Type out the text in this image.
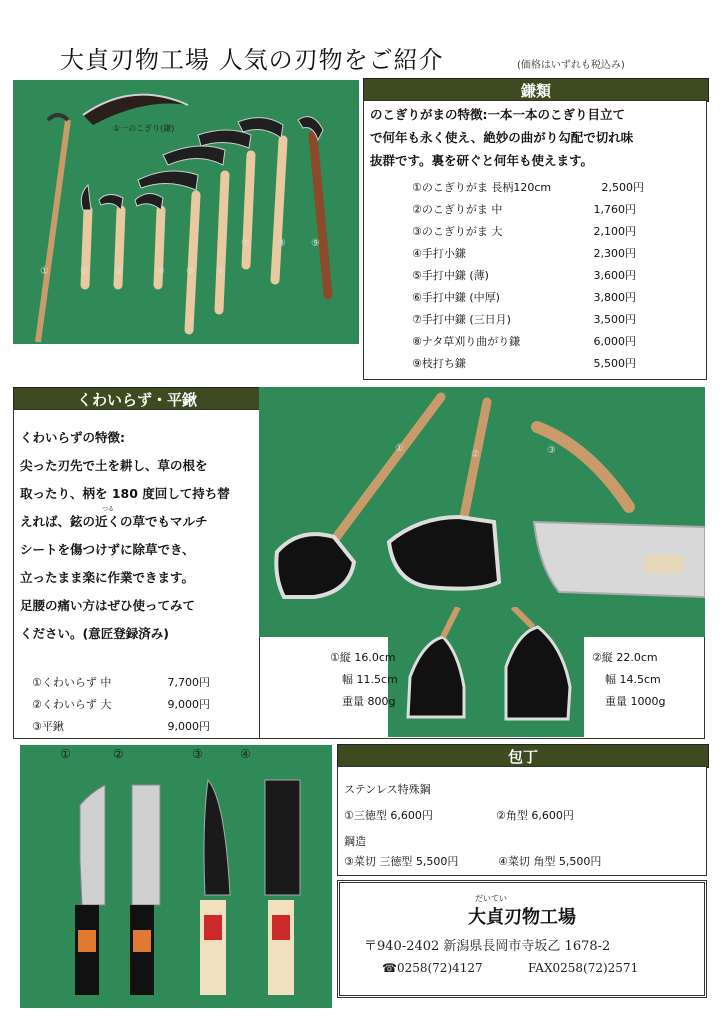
大貞刃物工場 人気の刃物をご紹介	(価格はいずれも税込み)
①一のこぎり(鎌)
①	②	③	④ ⑤ ⑥
⑦	⑧	⑨
鎌類
のこぎりがまの特徴:一本一本のこぎり目立て
で何年も永く使え、絶妙の曲がり勾配で切れ味
抜群です。裏を研ぐと何年も使えます。
①のこぎりがま 長柄120cm	2,500円
②のこぎりがま 中	1,760円
③のこぎりがま 大	2,100円
④手打小鎌	2,300円
⑤手打中鎌 (薄)	3,600円
⑥手打中鎌 (中厚)	3,800円
⑦手打中鎌 (三日月)	3,500円
⑧ナタ草刈り曲がり鎌	6,000円
⑨枝打ち鎌	5,500円
くわいらず・平鍬
くわいらずの特徴:
尖った刃先で土を耕し、草の根を
取ったり、柄を 180 度回して持ち替
つる
えれば、鉉の近くの草でもマルチ
シートを傷つけずに除草でき、
立ったまま楽に作業できます。
足腰の痛い方はぜひ使ってみて
ください。(意匠登録済み)
①くわいらず 中	7,700円
②くわいらず 大	9,000円
③平鍬	9,000円
①
②	③
①縦 16.0cm
幅 11.5cm
重量 800g
②縦 22.0cm
幅 14.5cm
重量 1000g
①	②	③	④	包丁
ステンレス特殊鋼
①三徳型 6,600円	②角型 6,600円
鋼造
③菜切 三徳型 5,500円	④菜切 角型 5,500円
だいてい
大貞刃物工場
〒940-2402 新潟県長岡市寺坂乙 1678-2
☎0258(72)4127	FAX0258(72)2571
